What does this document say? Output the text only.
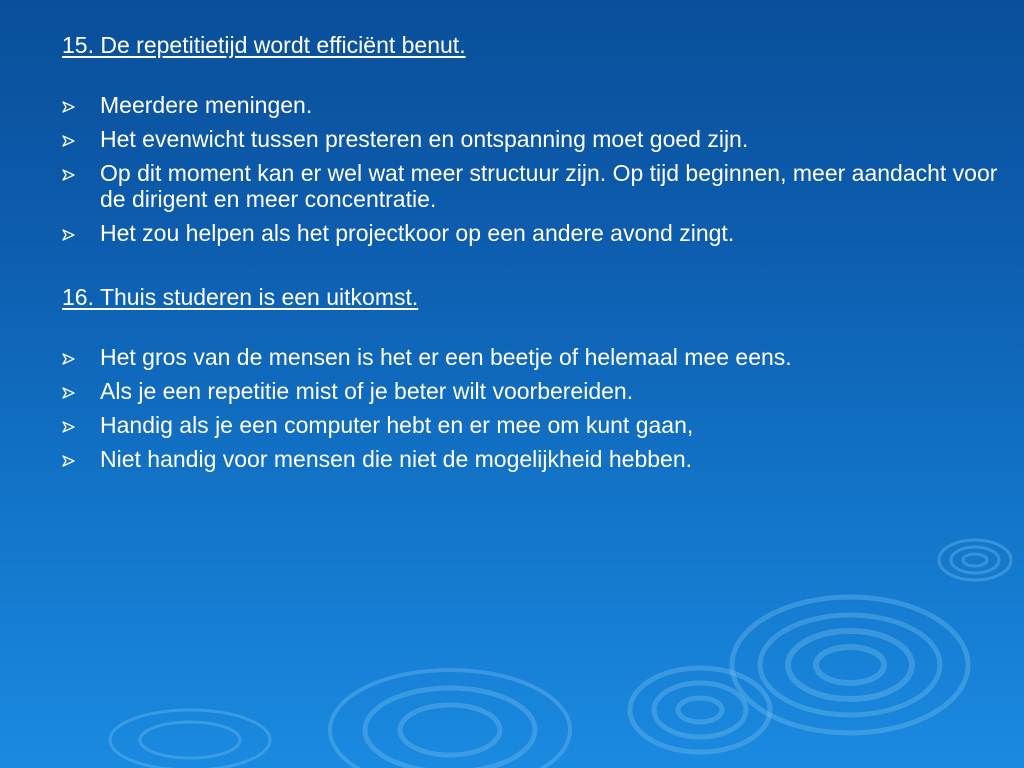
15. De repetitietijd wordt efficiënt benut.

Meerdere meningen.
Het evenwicht tussen presteren en ontspanning moet goed zijn.
Op dit moment kan er wel wat meer structuur zijn. Op tijd beginnen, meer aandacht voor de dirigent en meer concentratie.
Het zou helpen als het projectkoor op een andere avond zingt.

16. Thuis studeren is een uitkomst.

Het gros van de mensen is het er een beetje of helemaal mee eens.
Als je een repetitie mist of je beter wilt voorbereiden.
Handig als je een computer hebt en er mee om kunt gaan,
Niet handig voor mensen die niet de mogelijkheid hebben.
